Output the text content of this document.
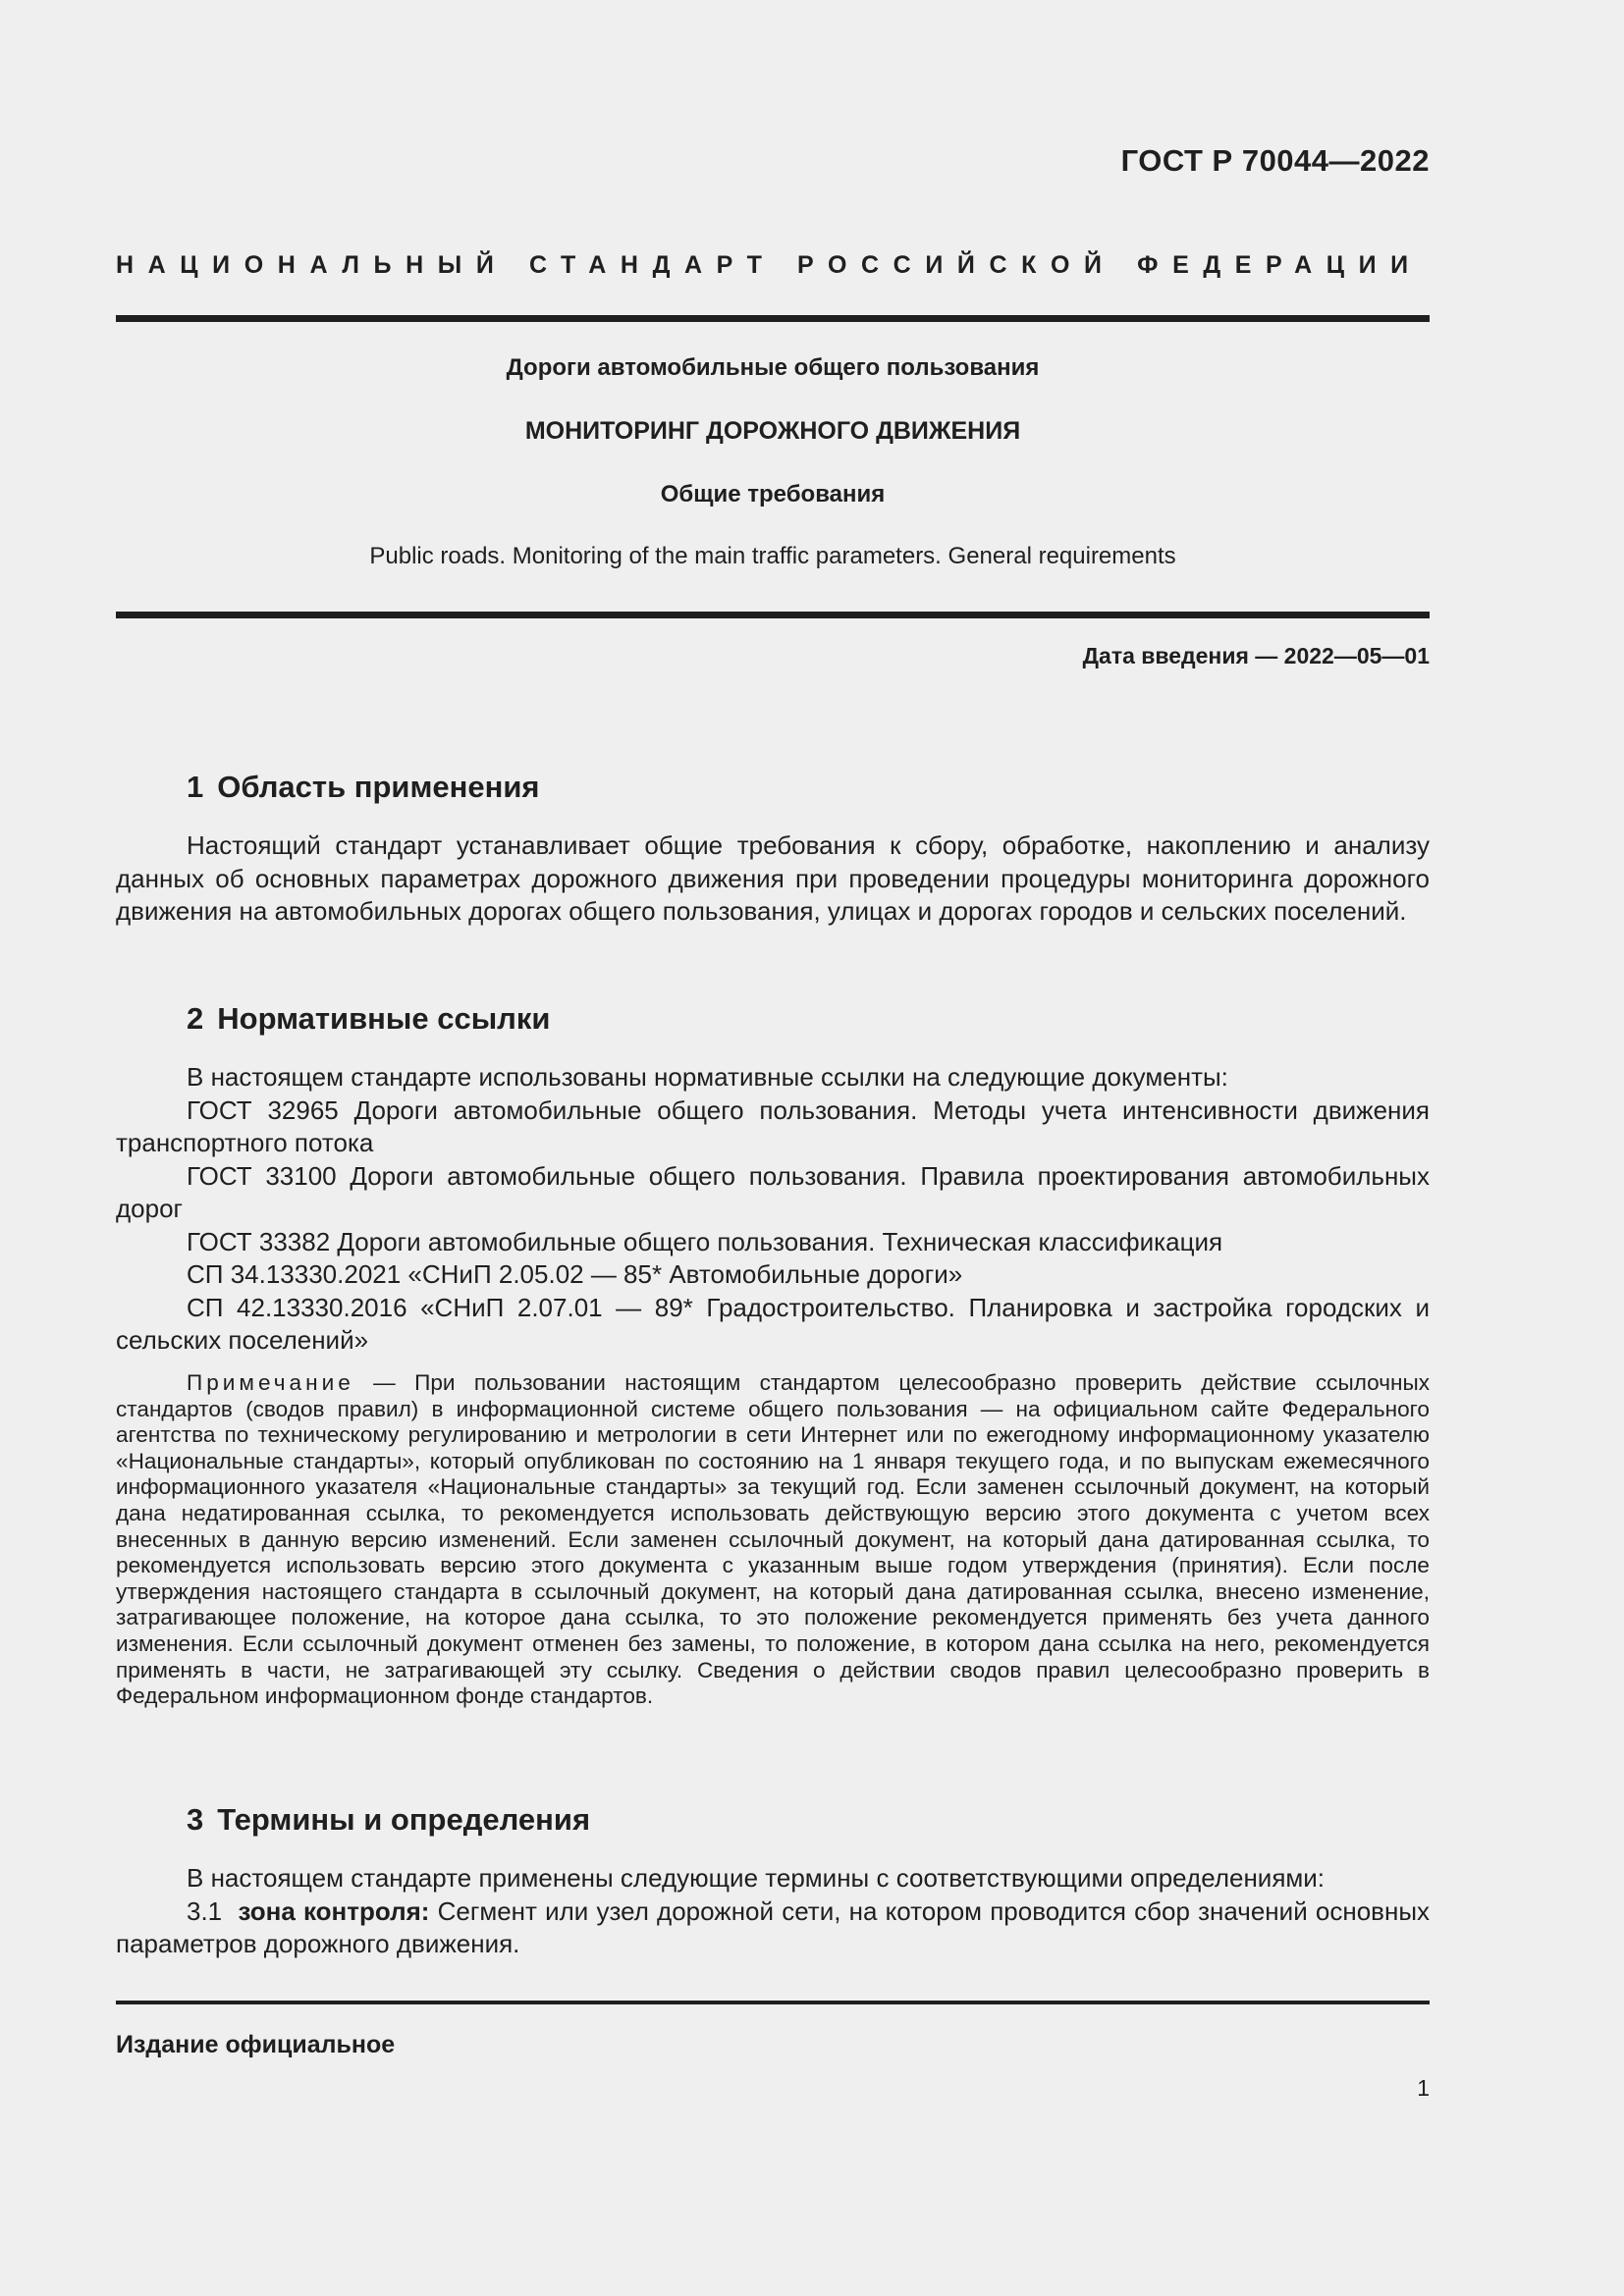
ГОСТ Р 70044—2022
НАЦИОНАЛЬНЫЙ СТАНДАРТ РОССИЙСКОЙ ФЕДЕРАЦИИ
Дороги автомобильные общего пользования
МОНИТОРИНГ ДОРОЖНОГО ДВИЖЕНИЯ
Общие требования
Public roads. Monitoring of the main traffic parameters. General requirements
Дата введения — 2022—05—01
1 Область применения

Настоящий стандарт устанавливает общие требования к сбору, обработке, накоплению и анализу данных об основных параметрах дорожного движения при проведении процедуры мониторинга дорожного движения на автомобильных дорогах общего пользования, улицах и дорогах городов и сельских поселений.

2 Нормативные ссылки

В настоящем стандарте использованы нормативные ссылки на следующие документы:

ГОСТ 32965 Дороги автомобильные общего пользования. Методы учета интенсивности движения транспортного потока

ГОСТ 33100 Дороги автомобильные общего пользования. Правила проектирования автомобильных дорог

ГОСТ 33382 Дороги автомобильные общего пользования. Техническая классификация

СП 34.13330.2021 «СНиП 2.05.02 — 85* Автомобильные дороги»

СП 42.13330.2016 «СНиП 2.07.01 — 89* Градостроительство. Планировка и застройка городских и сельских поселений»

Примечание — При пользовании настоящим стандартом целесообразно проверить действие ссылочных стандартов (сводов правил) в информационной системе общего пользования — на официальном сайте Федерального агентства по техническому регулированию и метрологии в сети Интернет или по ежегодному информационному указателю «Национальные стандарты», который опубликован по состоянию на 1 января текущего года, и по выпускам ежемесячного информационного указателя «Национальные стандарты» за текущий год. Если заменен ссылочный документ, на который дана недатированная ссылка, то рекомендуется использовать действующую версию этого документа с учетом всех внесенных в данную версию изменений. Если заменен ссылочный документ, на который дана датированная ссылка, то рекомендуется использовать версию этого документа с указанным выше годом утверждения (принятия). Если после утверждения настоящего стандарта в ссылочный документ, на который дана датированная ссылка, внесено изменение, затрагивающее положение, на которое дана ссылка, то это положение рекомендуется применять без учета данного изменения. Если ссылочный документ отменен без замены, то положение, в котором дана ссылка на него, рекомендуется применять в части, не затрагивающей эту ссылку. Сведения о действии сводов правил целесообразно проверить в Федеральном информационном фонде стандартов.

3 Термины и определения

В настоящем стандарте применены следующие термины с соответствующими определениями:

3.1 зона контроля: Сегмент или узел дорожной сети, на котором проводится сбор значений основных параметров дорожного движения.

Издание официальное
1
